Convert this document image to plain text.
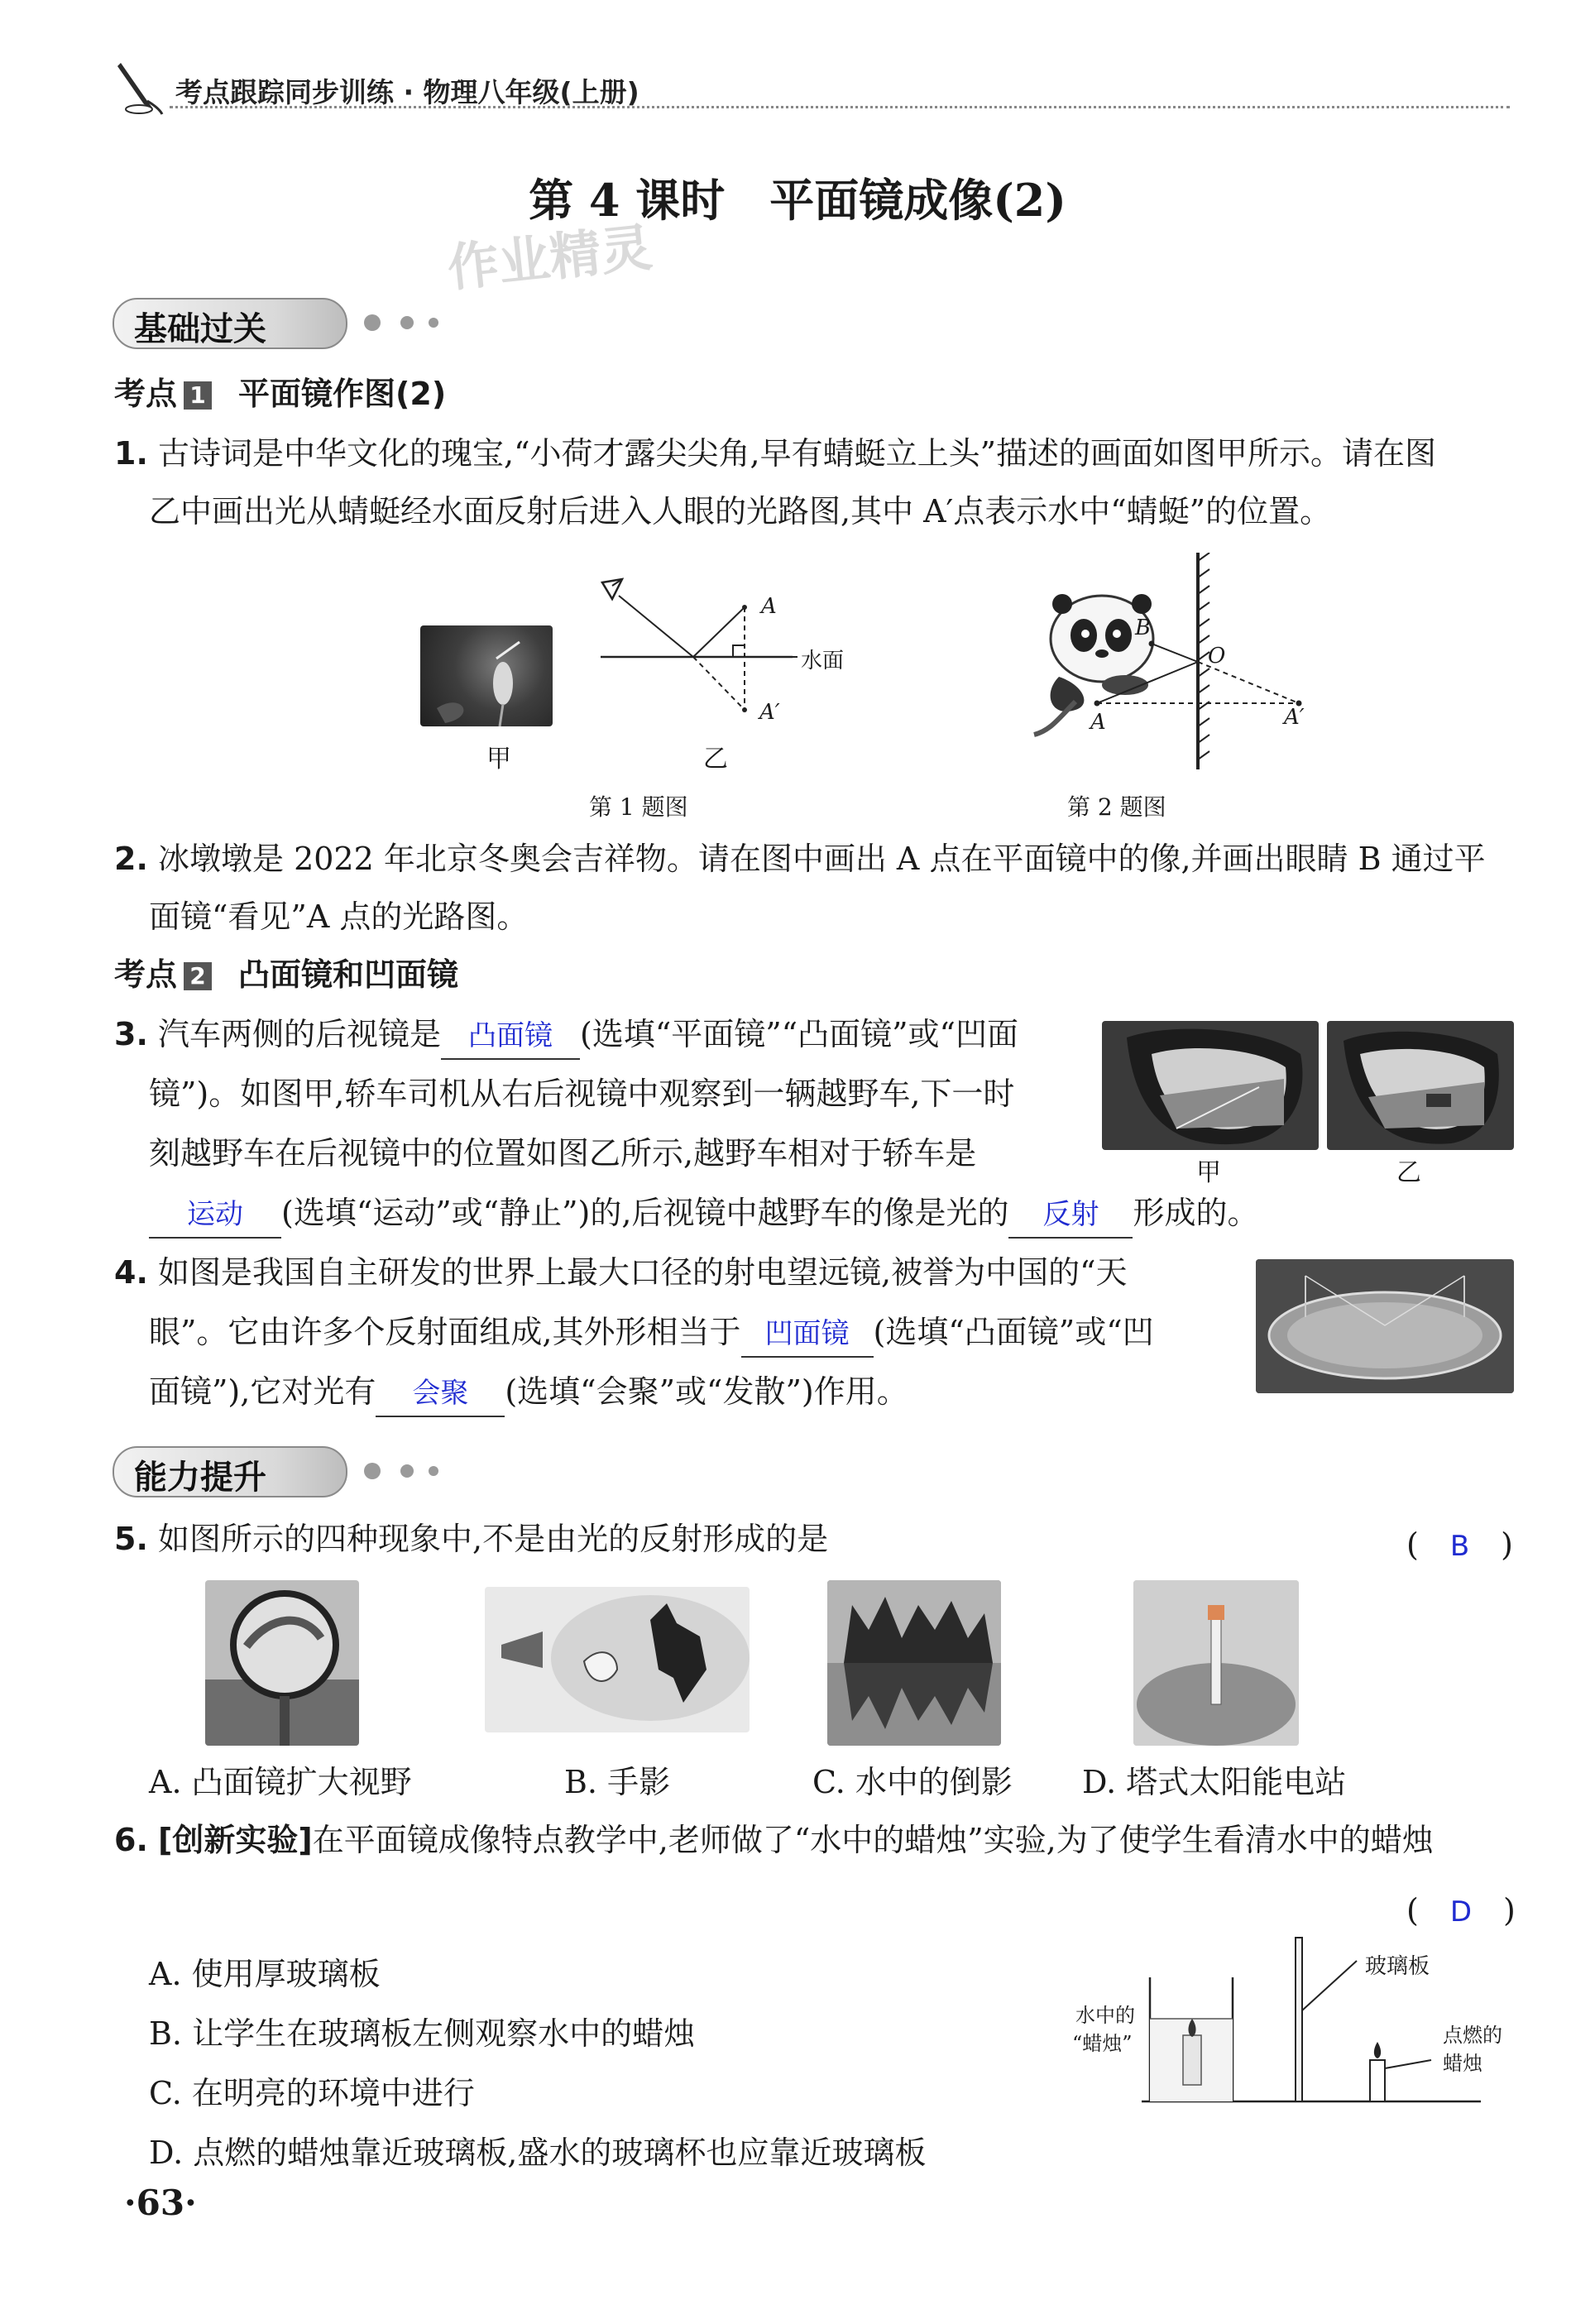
考点跟踪同步训练 · 物理八年级(上册)
第 4 课时　平面镜成像(2)
作业精灵
基础过关
考点 1 平面镜作图(2)
1. 古诗词是中华文化的瑰宝,“小荷才露尖尖角,早有蜻蜓立上头”描述的画面如图甲所示。请在图
乙中画出光从蜻蜓经水面反射后进入人眼的光路图,其中 A′点表示水中“蜻蜓”的位置。
甲
A
A′
水面
乙
第 1 题图
B
O
A	A′
第 2 题图
2. 冰墩墩是 2022 年北京冬奥会吉祥物。请在图中画出 A 点在平面镜中的像,并画出眼睛 B 通过平
面镜“看见”A 点的光路图。
考点 2 凸面镜和凹面镜
3. 汽车两侧的后视镜是 凸面镜 (选填“平面镜”“凸面镜”或“凹面
镜”)。如图甲,轿车司机从右后视镜中观察到一辆越野车,下一时
刻越野车在后视镜中的位置如图乙所示,越野车相对于轿车是
运动 (选填“运动”或“静止”)的,后视镜中越野车的像是光的 反射 形成的。
甲	乙
4. 如图是我国自主研发的世界上最大口径的射电望远镜,被誉为中国的“天
眼”。它由许多个反射面组成,其外形相当于 凹面镜 (选填“凸面镜”或“凹
面镜”),它对光有 会聚 (选填“会聚”或“发散”)作用。
能力提升
5. 如图所示的四种现象中,不是由光的反射形成的是	(　B　)
A. 凸面镜扩大视野	B. 手影	C. 水中的倒影 D. 塔式太阳能电站
6. [创新实验]在平面镜成像特点教学中,老师做了“水中的蜡烛”实验,为了使学生看清水中的蜡烛
(　D　)
A. 使用厚玻璃板
B. 让学生在玻璃板左侧观察水中的蜡烛
C. 在明亮的环境中进行
D. 点燃的蜡烛靠近玻璃板,盛水的玻璃杯也应靠近玻璃板
玻璃板
水中的
“蜡烛”	点燃的
蜡烛
·63·
